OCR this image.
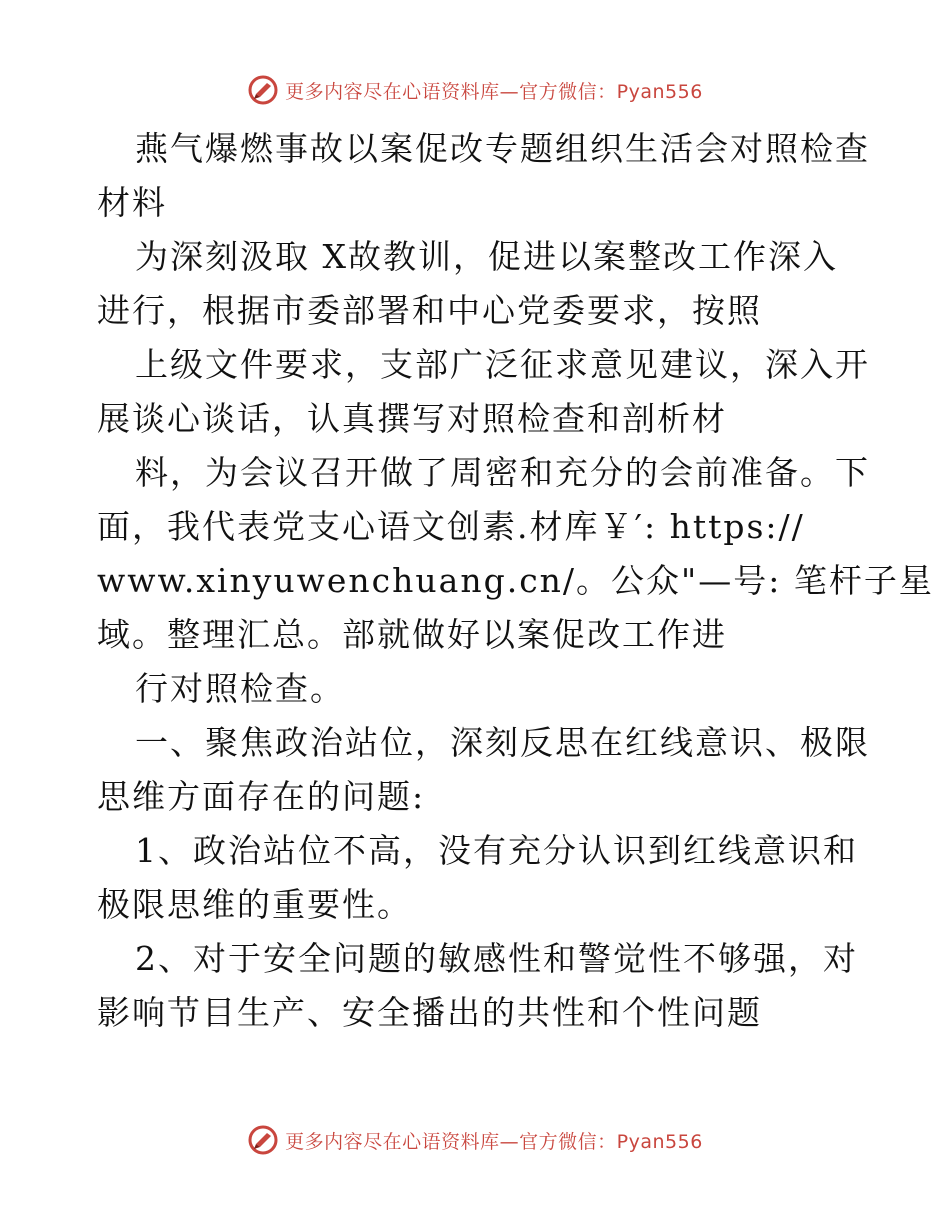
更多内容尽在心语资料库—官方微信：Pyan556
燕气爆燃事故以案促改专题组织生活会对照检查
材料
为深刻汲取 X故教训，促进以案整改工作深入
进行，根据市委部署和中心党委要求，按照
上级文件要求，支部广泛征求意见建议，深入开
展谈心谈话，认真撰写对照检查和剖析材
料，为会议召开做了周密和充分的会前准备。下
面，我代表党支心语文创素.材库￥′: https://
www.xinyuwenchuang.cn/。公众"—号: 笔杆子星
域。整理汇总。部就做好以案促改工作进
行对照检查。
一、聚焦政治站位，深刻反思在红线意识、极限
思维方面存在的问题:
1、政治站位不高，没有充分认识到红线意识和
极限思维的重要性。
2、对于安全问题的敏感性和警觉性不够强，对
影响节目生产、安全播出的共性和个性问题
更多内容尽在心语资料库—官方微信：Pyan556
